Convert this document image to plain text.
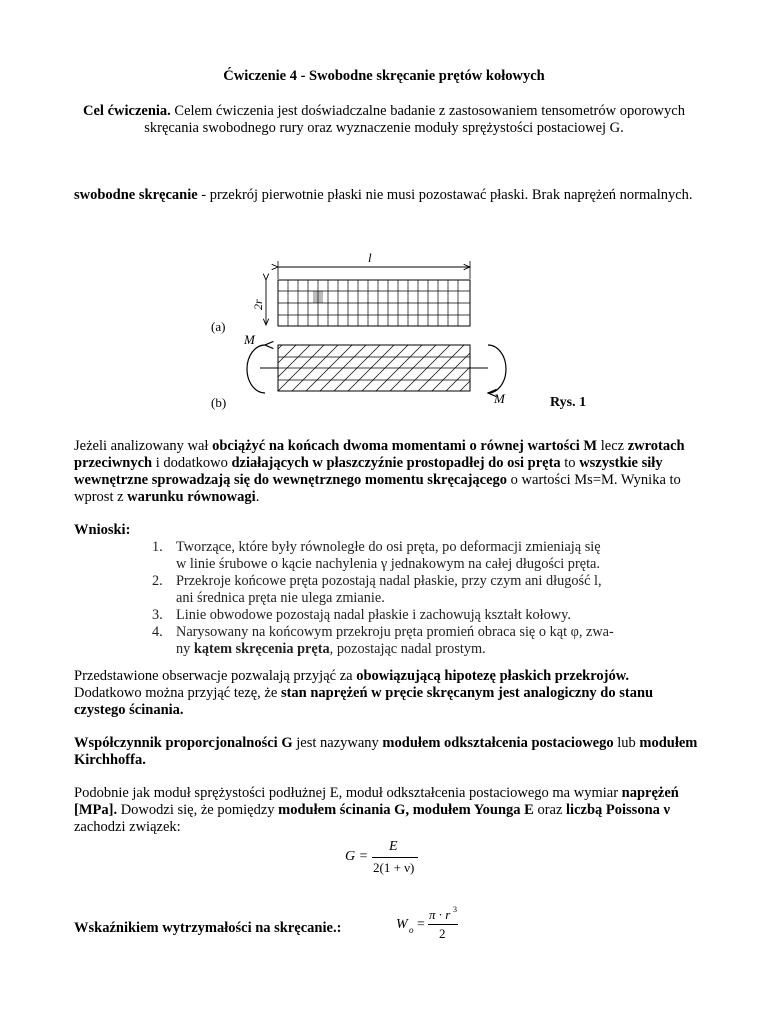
Ćwiczenie 4 - Swobodne skręcanie prętów kołowych
Cel ćwiczenia. Celem ćwiczenia jest doświadczalne badanie z zastosowaniem tensometrów oporowych skręcania swobodnego rury oraz wyznaczenie moduły sprężystości postaciowej G.
swobodne skręcanie - przekrój pierwotnie płaski nie musi pozostawać płaski. Brak naprężeń normalnych.
l
2r
(a)
M
M
(b)	Rys. 1
Jeżeli analizowany wał obciążyć na końcach dwoma momentami o równej wartości M lecz zwrotach przeciwnych i dodatkowo działających w płaszczyźnie prostopadłej do osi pręta to wszystkie siły wewnętrzne sprowadzają się do wewnętrznego momentu skręcającego o wartości Ms=M. Wynika to wprost z warunku równowagi.
Wnioski:
1. Tworzące, które były równoległe do osi pręta, po deformacji zmieniają się
w linie śrubowe o kącie nachylenia γ jednakowym na całej długości pręta.
2. Przekroje końcowe pręta pozostają nadal płaskie, przy czym ani długość l,
ani średnica pręta nie ulega zmianie.
3. Linie obwodowe pozostają nadal płaskie i zachowują kształt kołowy.
4. Narysowany na końcowym przekroju pręta promień obraca się o kąt φ, zwa-
ny kątem skręcenia pręta, pozostając nadal prostym.
Przedstawione obserwacje pozwalają przyjąć za obowiązującą hipotezę płaskich przekrojów. Dodatkowo można przyjąć tezę, że stan naprężeń w pręcie skręcanym jest analogiczny do stanu czystego ścinania.
Współczynnik proporcjonalności G jest nazywany modułem odkształcenia postaciowego lub modułem Kirchhoffa.
Podobnie jak moduł sprężystości podłużnej E, moduł odkształcenia postaciowego ma wymiar naprężeń [MPa]. Dowodzi się, że pomiędzy modułem ścinania G, modułem Younga E oraz liczbą Poissona ν zachodzi związek:
G =
E
2(1 + ν)
Wskaźnikiem wytrzymałości na skręcanie.:	W o =
π · r 3
2
